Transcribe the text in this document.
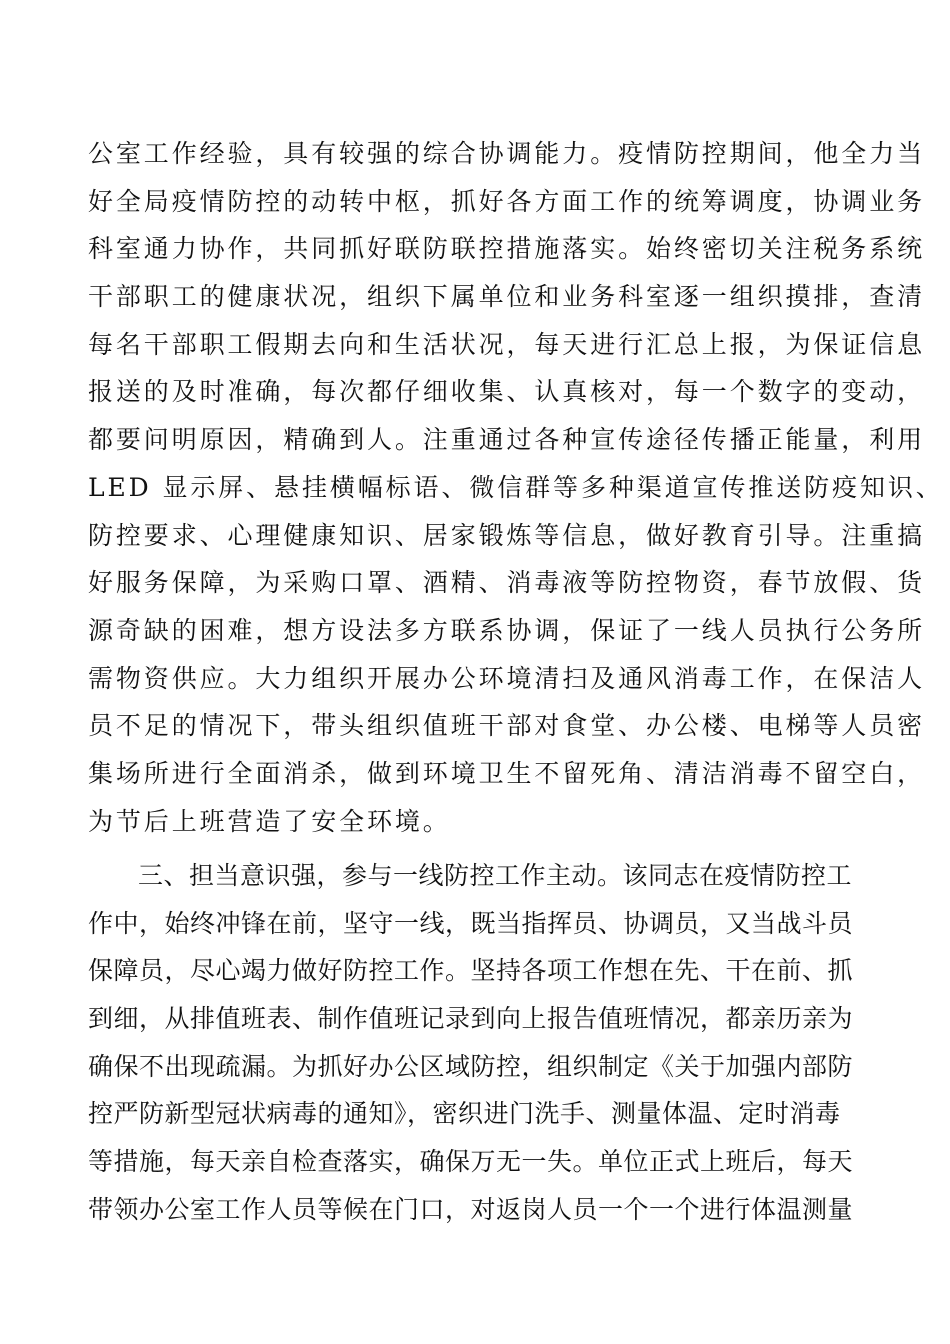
公室工作经验，具有较强的综合协调能力。疫情防控期间，他全力当
好全局疫情防控的动转中枢，抓好各方面工作的统筹调度，协调业务
科室通力协作，共同抓好联防联控措施落实。始终密切关注税务系统
干部职工的健康状况，组织下属单位和业务科室逐一组织摸排，查清
每名干部职工假期去向和生活状况，每天进行汇总上报，为保证信息
报送的及时准确，每次都仔细收集、认真核对，每一个数字的变动，
都要问明原因，精确到人。注重通过各种宣传途径传播正能量，利用
LED 显示屏、悬挂横幅标语、微信群等多种渠道宣传推送防疫知识、
防控要求、心理健康知识、居家锻炼等信息，做好教育引导。注重搞
好服务保障，为采购口罩、酒精、消毒液等防控物资，春节放假、货
源奇缺的困难，想方设法多方联系协调，保证了一线人员执行公务所
需物资供应。大力组织开展办公环境清扫及通风消毒工作，在保洁人
员不足的情况下，带头组织值班干部对食堂、办公楼、电梯等人员密
集场所进行全面消杀，做到环境卫生不留死角、清洁消毒不留空白，
为节后上班营造了安全环境。
三、担当意识强，参与一线防控工作主动。该同志在疫情防控工
作中，始终冲锋在前，坚守一线，既当指挥员、协调员，又当战斗员
保障员，尽心竭力做好防控工作。坚持各项工作想在先、干在前、抓
到细，从排值班表、制作值班记录到向上报告值班情况，都亲历亲为
确保不出现疏漏。为抓好办公区域防控，组织制定《关于加强内部防
控严防新型冠状病毒的通知》，密织进门洗手、测量体温、定时消毒
等措施，每天亲自检查落实，确保万无一失。单位正式上班后，每天
带领办公室工作人员等候在门口，对返岗人员一个一个进行体温测量
